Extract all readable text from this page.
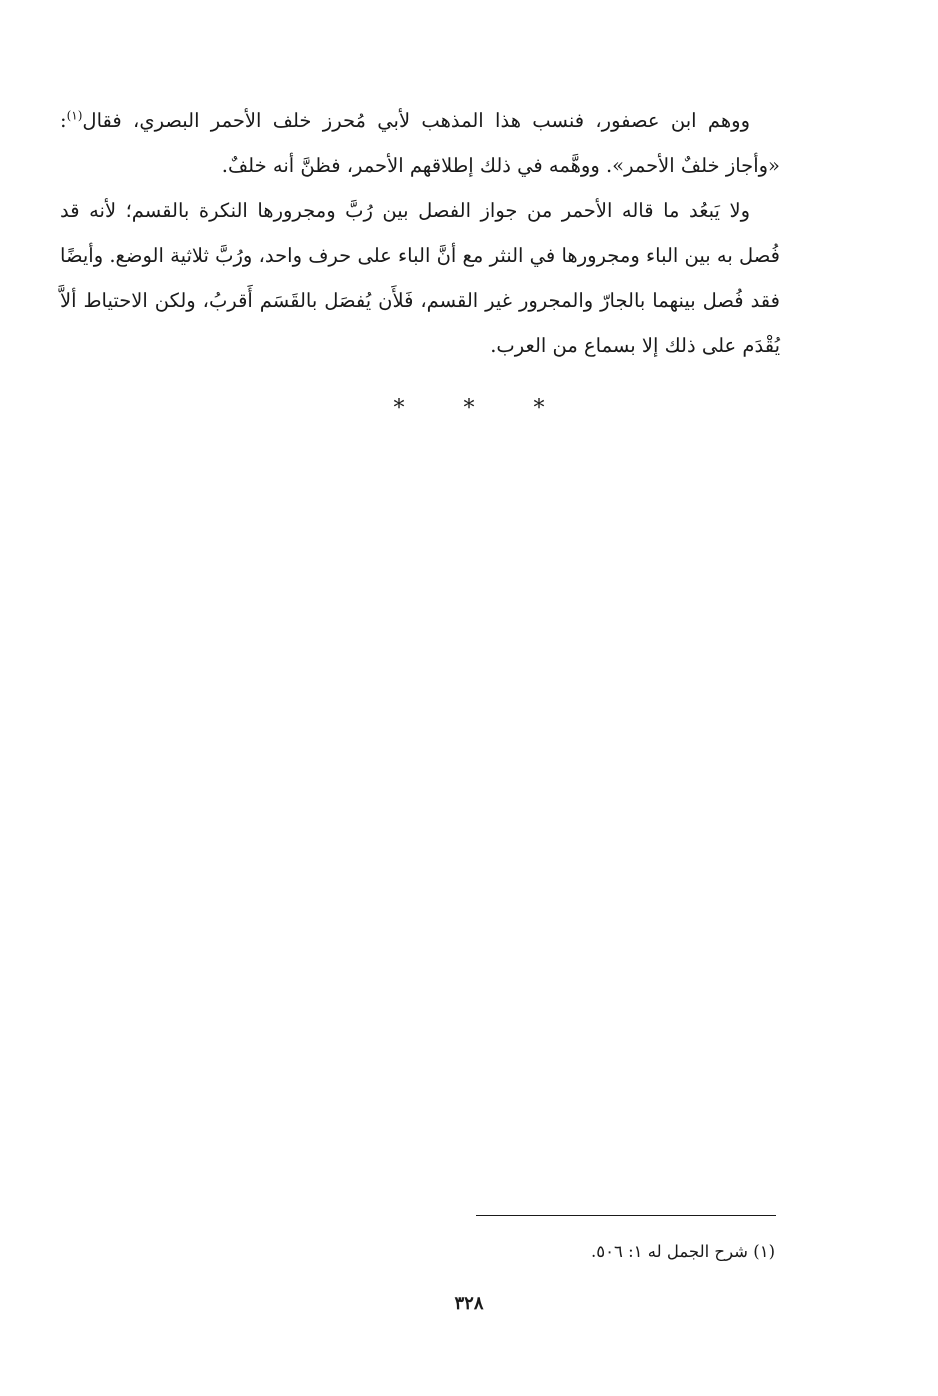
ووهم ابن عصفور، فنسب هذا المذهب لأبي مُحرز خلف الأحمر البصري، فقال$^{(١)}$: «وأجاز خلفٌ الأحمر». ووهَّمه في ذلك إطلاقهم الأحمر، فظنَّ أنه خلفٌ.

ولا يَبعُد ما قاله الأحمر من جواز الفصل بين رُبَّ ومجرورها النكرة بالقسم؛ لأنه قد فُصل به بين الباء ومجرورها في النثر مع أنَّ الباء على حرف واحد، ورُبَّ ثلاثية الوضع. وأيضًا فقد فُصل بينهما بالجارّ والمجرور غير القسم، فَلأَن يُفصَل بالقَسَم أَقربُ، ولكن الاحتياط ألاَّ يُقْدَم على ذلك إلا بسماع من العرب.

* * *
(١) شرح الجمل له ١: ٥٠٦.
٣٢٨
